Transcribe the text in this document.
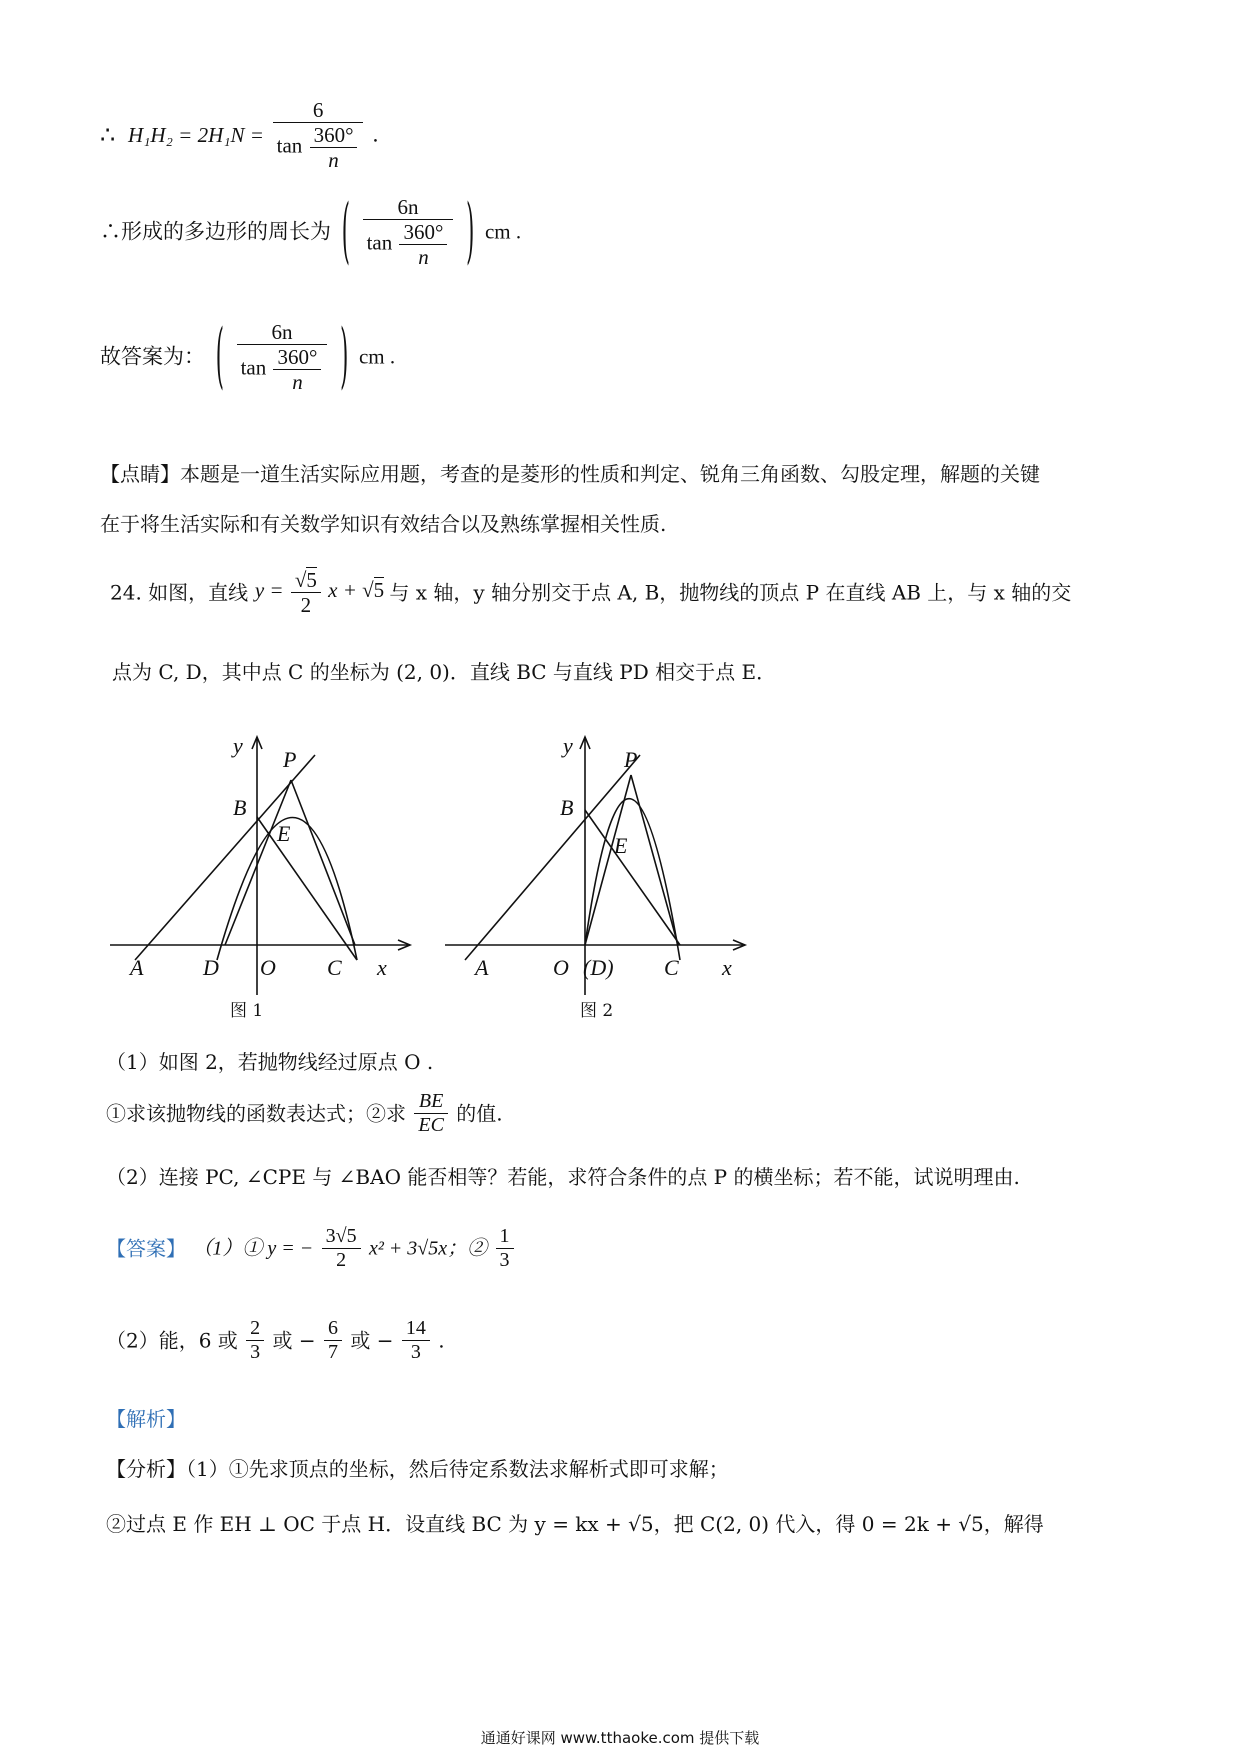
∴ $H_1H_2 = 2H_1N = \frac{6}{\tan \frac{360^\circ}{n}}$ .
∴形成的多边形的周长为 ( $\frac{6n}{\tan \frac{360^\circ}{n}}$ ) cm .
故答案为： ( $\frac{6n}{\tan \frac{360^\circ}{n}}$ ) cm .
【点睛】本题是一道生活实际应用题，考查的是菱形的性质和判定、锐角三角函数、勾股定理，解题的关键
在于将生活实际和有关数学知识有效结合以及熟练掌握相关性质.
24. 如图，直线 $y = \frac{√5}{2}$ x + √5 与 x 轴，y 轴分别交于点 A, B，抛物线的顶点 P 在直线 AB 上，与 x 轴的交
点为 C, D，其中点 C 的坐标为 (2, 0)．直线 BC 与直线 PD 相交于点 E．
y
P
B
E
A	D O C x
图 1
y
P
B
E
A	O (D) C x
图 2
（1）如图 2，若抛物线经过原点 O .
①求该抛物线的函数表达式；②求 $\frac{BE}{EC}$ 的值.
（2）连接 PC, ∠CPE 与 ∠BAO 能否相等？若能，求符合条件的点 P 的横坐标；若不能，试说明理由.
【答案】 （1）① y = − $\frac{3√5}{2} x^2 + 3√5x$；② $\frac{1}{3}$
（2）能，6 或 $\frac{2}{3}$ 或 − $\frac{6}{7}$ 或 − $\frac{14}{3}$ .
【解析】
【分析】（1）①先求顶点的坐标，然后待定系数法求解析式即可求解；
②过点 E 作 EH ⊥ OC 于点 H．设直线 BC 为 y = kx + √5，把 C(2, 0) 代入，得 0 = 2k + √5，解得
通通好课网 www.tthaoke.com 提供下载
